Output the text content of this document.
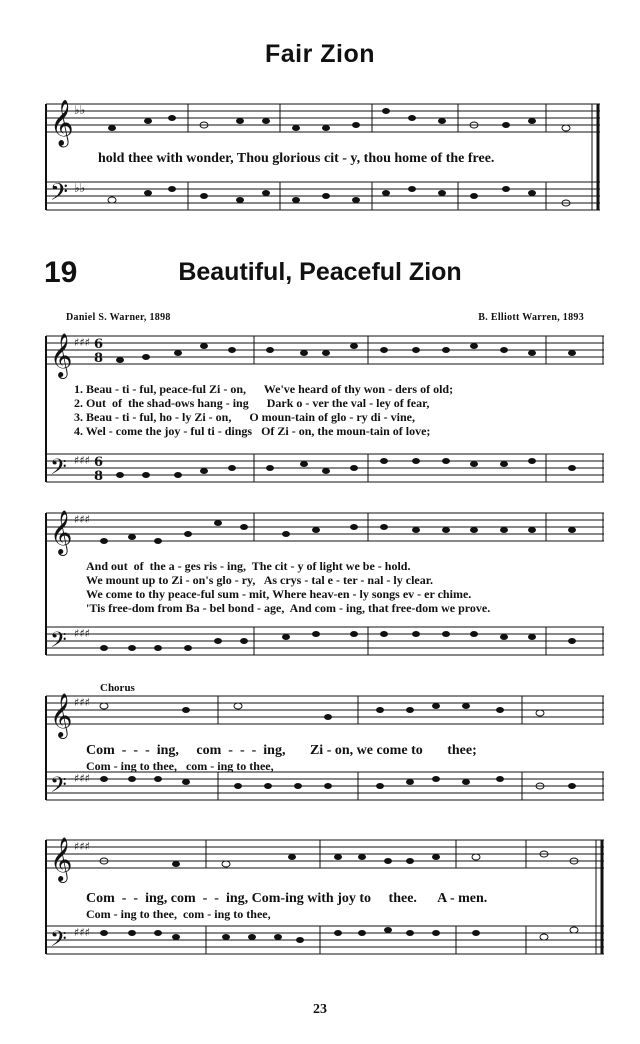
Fair Zion
𝄞
𝄢
♭♭
♭♭
hold thee with wonder, Thou glorious cit - y, thou home of the free.
19	Beautiful, Peaceful Zion
Daniel S. Warner, 1898	B. Elliott Warren, 1893
𝄞
𝄢
♯♯♯
♯♯♯
6
8
6
8
1. Beau - ti - ful, peace-ful Zi - on,      We've heard of thy won - ders of old;
2. Out  of  the shad-ows hang - ing      Dark o - ver the val - ley of fear,
3. Beau - ti - ful, ho - ly Zi - on,      O moun-tain of glo - ry di - vine,
4. Wel - come the joy - ful ti - dings   Of Zi - on, the moun-tain of love;
𝄞
𝄢
♯♯♯
♯♯♯
And out  of  the a - ges ris - ing,  The cit - y of light we be - hold.
We mount up to Zi - on's glo - ry,   As crys - tal e - ter - nal - ly clear.
We come to thy peace-ful sum - mit, Where heav-en - ly songs ev - er chime.
'Tis free-dom from Ba - bel bond - age,  And com - ing, that free-dom we prove.
Chorus
𝄞
𝄢
♯♯♯
♯♯♯
Com  -  -  -  ing,     com  -  -  -  ing,       Zi - on, we come to       thee;
Com - ing to thee,   com - ing to thee,
𝄞
𝄢
♯♯♯
♯♯♯
Com  -  -  ing, com  -  -  ing, Com-ing with joy to     thee.      A - men.
Com - ing to thee,  com - ing to thee,
23
